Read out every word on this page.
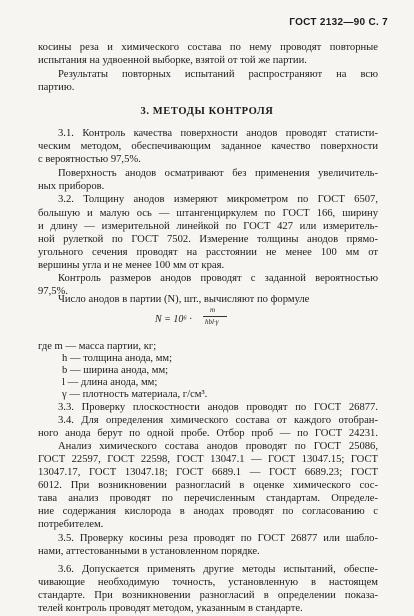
ГОСТ 2132—90 С. 7
косины реза и химического состава по нему проводят повторные
испытания на удвоенной выборке, взятой от той же партии.
Результаты повторных испытаний распространяют на всю
партию.
3. МЕТОДЫ КОНТРОЛЯ
3.1. Контроль качества поверхности анодов проводят статисти-
ческим методом, обеспечивающим заданное качество поверхности
с вероятностью 97,5%.
Поверхность анодов осматривают без применения увеличитель-
ных приборов.
3.2. Толщину анодов измеряют микрометром по ГОСТ 6507,
большую и малую ось — штангенциркулем по ГОСТ 166, ширину
и длину — измерительной линейкой по ГОСТ 427 или измеритель-
ной рулеткой по ГОСТ 7502. Измерение толщины анодов прямо-
угольного сечения проводят на расстоянии не менее 100 мм от
вершины угла и не менее 100 мм от края.
Контроль размеров анодов проводят с заданной вероятностью
97,5%.
Число анодов в партии (N), шт., вычисляют по формуле
N = 10⁶ ·
m
hbl·γ
где m — масса партии, кг;
h — толщина анода, мм;
b — ширина анода, мм;
l — длина анода, мм;
γ — плотность материала, г/см³.
3.3. Проверку плоскостности анодов проводят по ГОСТ 26877.
3.4. Для определения химического состава от каждого отобран-
ного анода берут по одной пробе. Отбор проб — по ГОСТ 24231.
Анализ химического состава анодов проводят по ГОСТ 25086,
ГОСТ 22597, ГОСТ 22598, ГОСТ 13047.1 — ГОСТ 13047.15; ГОСТ
13047.17, ГОСТ 13047.18; ГОСТ 6689.1 — ГОСТ 6689.23; ГОСТ
6012. При возникновении разногласий в оценке химического сос-
тава анализ проводят по перечисленным стандартам. Определе-
ние содержания кислорода в анодах проводят по согласованию с
потребителем.
3.5. Проверку косины реза проводят по ГОСТ 26877 или шабло-
нами, аттестованными в установленном порядке.
3.6. Допускается применять другие методы испытаний, обеспе-
чивающие необходимую точность, установленную в настоящем
стандарте. При возникновении разногласий в определении показа-
телей контроль проводят методом, указанным в стандарте.
